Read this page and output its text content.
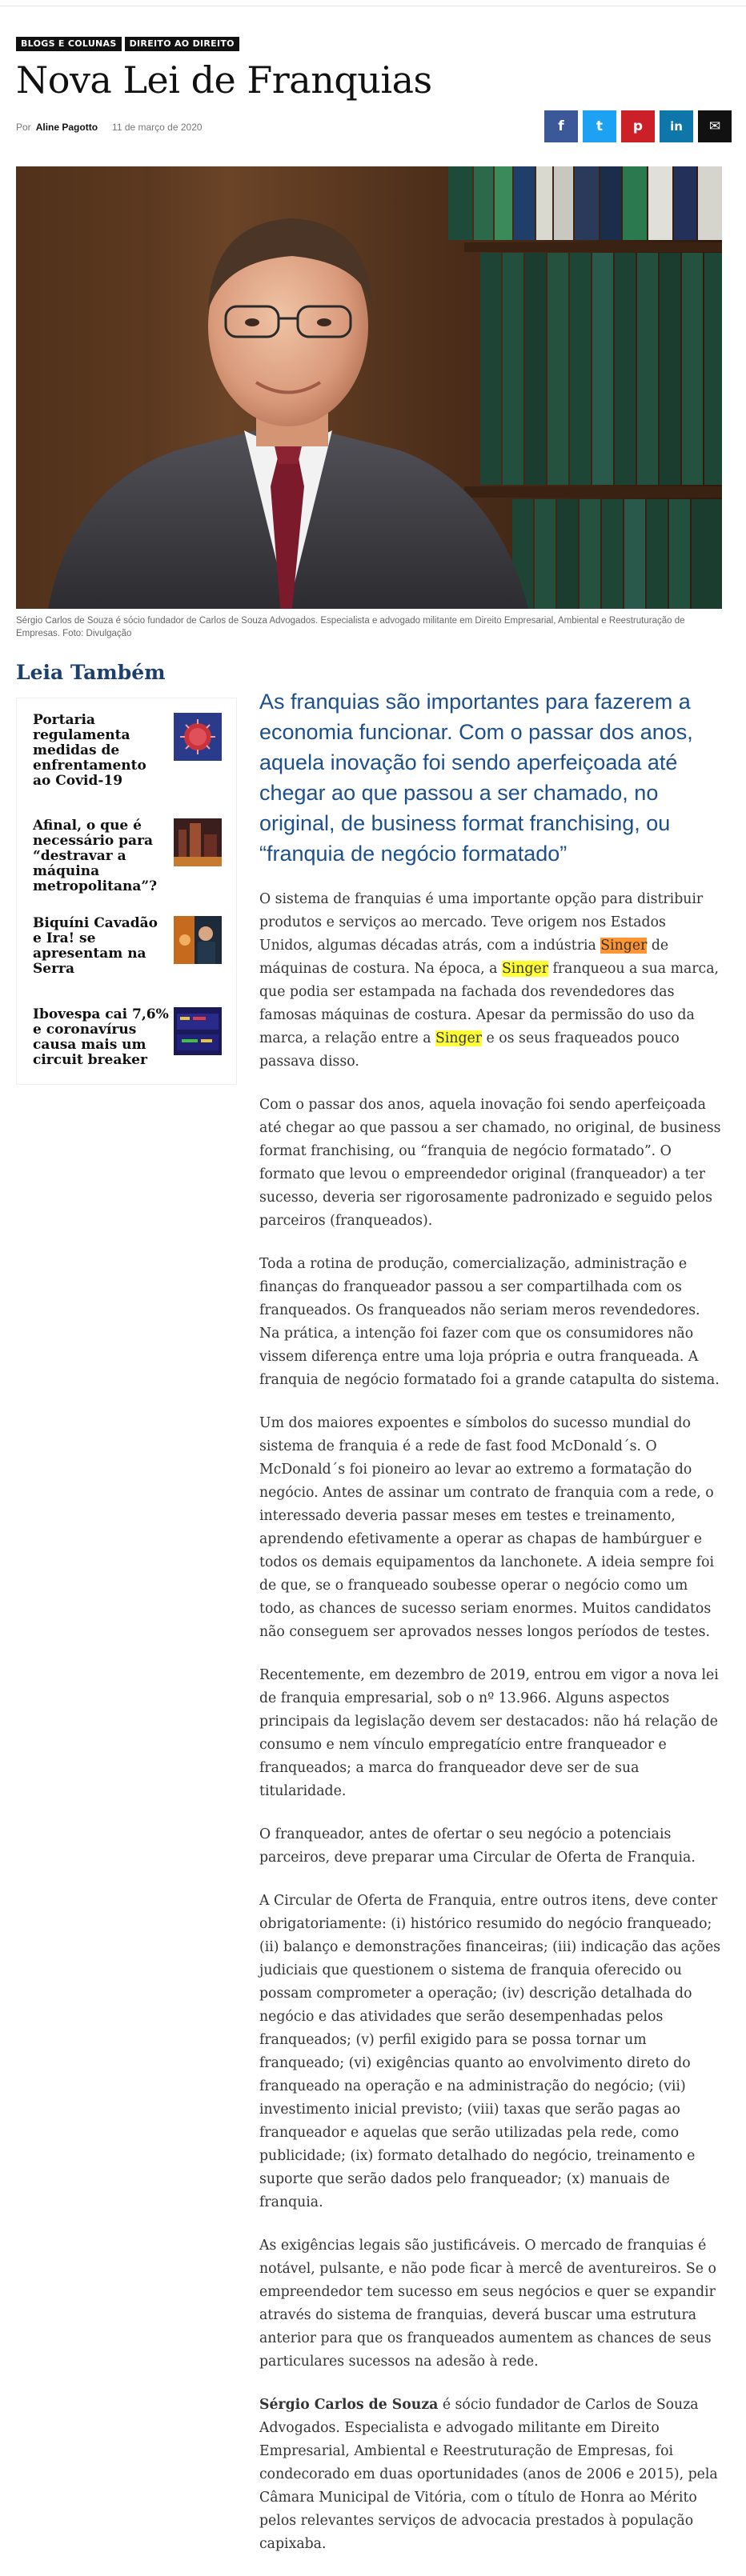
BLOGS E COLUNAS	DIREITO AO DIREITO
Nova Lei de Franquias
Por Aline Pagotto 11 de março de 2020	f t p in ✉

Sérgio Carlos de Souza é sócio fundador de Carlos de Souza Advogados. Especialista e advogado militante em Direito Empresarial, Ambiental e Reestruturação de Empresas. Foto: Divulgação

Leia Também
Portaria regulamenta medidas de enfrentamento ao Covid-19
Afinal, o que é necessário para “destravar a máquina metropolitana”?
Biquíni Cavadão e Ira! se apresentam na Serra
Ibovespa cai 7,6% e coronavírus causa mais um circuit breaker

As franquias são importantes para fazerem a economia funcionar. Com o passar dos anos, aquela inovação foi sendo aperfeiçoada até chegar ao que passou a ser chamado, no original, de business format franchising, ou “franquia de negócio formatado”

O sistema de franquias é uma importante opção para distribuir produtos e serviços ao mercado. Teve origem nos Estados Unidos, algumas décadas atrás, com a indústria Singer de máquinas de costura. Na época, a Singer franqueou a sua marca, que podia ser estampada na fachada dos revendedores das famosas máquinas de costura. Apesar da permissão do uso da marca, a relação entre a Singer e os seus fraqueados pouco passava disso.

Com o passar dos anos, aquela inovação foi sendo aperfeiçoada até chegar ao que passou a ser chamado, no original, de business format franchising, ou “franquia de negócio formatado”. O formato que levou o empreendedor original (franqueador) a ter sucesso, deveria ser rigorosamente padronizado e seguido pelos parceiros (franqueados).

Toda a rotina de produção, comercialização, administração e finanças do franqueador passou a ser compartilhada com os franqueados. Os franqueados não seriam meros revendedores. Na prática, a intenção foi fazer com que os consumidores não vissem diferença entre uma loja própria e outra franqueada. A franquia de negócio formatado foi a grande catapulta do sistema.

Um dos maiores expoentes e símbolos do sucesso mundial do sistema de franquia é a rede de fast food McDonald´s. O McDonald´s foi pioneiro ao levar ao extremo a formatação do negócio. Antes de assinar um contrato de franquia com a rede, o interessado deveria passar meses em testes e treinamento, aprendendo efetivamente a operar as chapas de hambúrguer e todos os demais equipamentos da lanchonete. A ideia sempre foi de que, se o franqueado soubesse operar o negócio como um todo, as chances de sucesso seriam enormes. Muitos candidatos não conseguem ser aprovados nesses longos períodos de testes.

Recentemente, em dezembro de 2019, entrou em vigor a nova lei de franquia empresarial, sob o nº 13.966. Alguns aspectos principais da legislação devem ser destacados: não há relação de consumo e nem vínculo empregatício entre franqueador e franqueados; a marca do franqueador deve ser de sua titularidade.

O franqueador, antes de ofertar o seu negócio a potenciais parceiros, deve preparar uma Circular de Oferta de Franquia.

A Circular de Oferta de Franquia, entre outros itens, deve conter obrigatoriamente: (i) histórico resumido do negócio franqueado; (ii) balanço e demonstrações financeiras; (iii) indicação das ações judiciais que questionem o sistema de franquia oferecido ou possam comprometer a operação; (iv) descrição detalhada do negócio e das atividades que serão desempenhadas pelos franqueados; (v) perfil exigido para se possa tornar um franqueado; (vi) exigências quanto ao envolvimento direto do franqueado na operação e na administração do negócio; (vii) investimento inicial previsto; (viii) taxas que serão pagas ao franqueador e aquelas que serão utilizadas pela rede, como publicidade; (ix) formato detalhado do negócio, treinamento e suporte que serão dados pelo franqueador; (x) manuais de franquia.

As exigências legais são justificáveis. O mercado de franquias é notável, pulsante, e não pode ficar à mercê de aventureiros. Se o empreendedor tem sucesso em seus negócios e quer se expandir através do sistema de franquias, deverá buscar uma estrutura anterior para que os franqueados aumentem as chances de seus particulares sucessos na adesão à rede.

Sérgio Carlos de Souza é sócio fundador de Carlos de Souza Advogados. Especialista e advogado militante em Direito Empresarial, Ambiental e Reestruturação de Empresas, foi condecorado em duas oportunidades (anos de 2006 e 2015), pela Câmara Municipal de Vitória, com o título de Honra ao Mérito pelos relevantes serviços de advocacia prestados à população capixaba.
